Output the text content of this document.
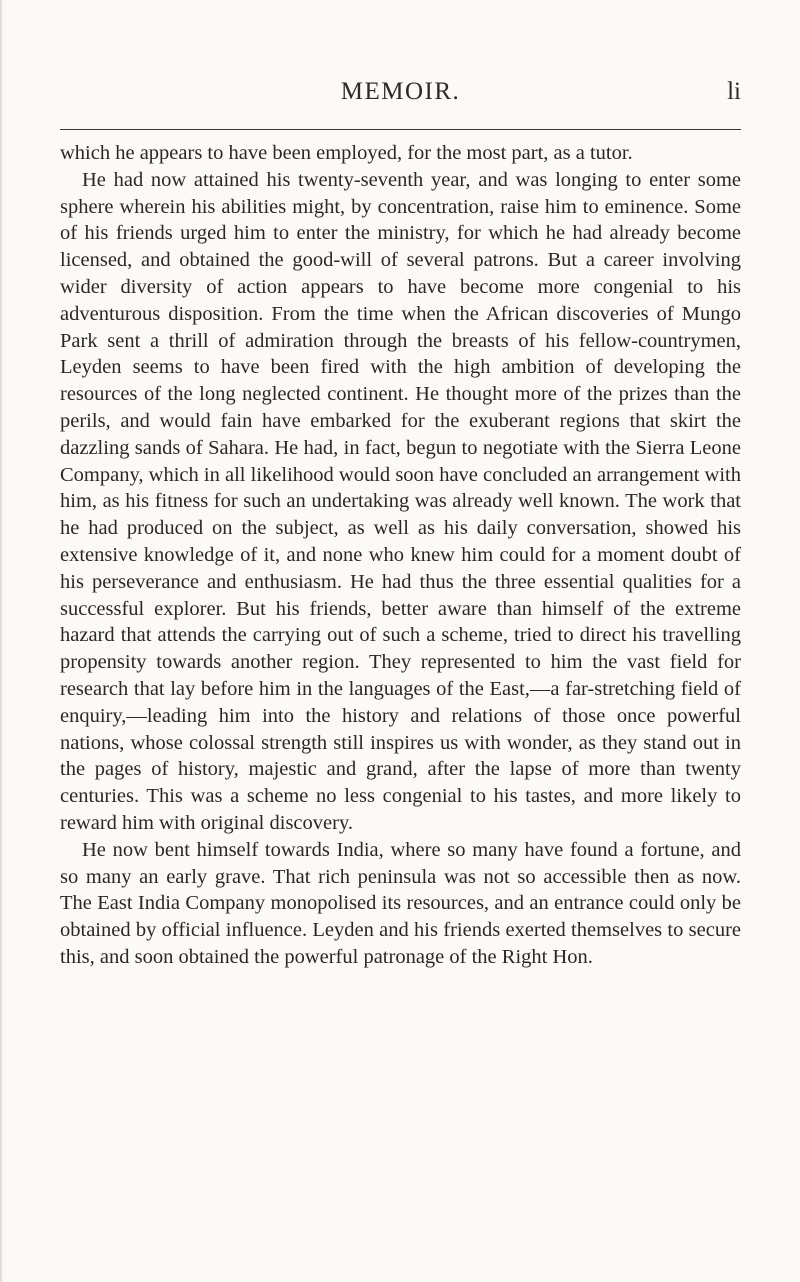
MEMOIR.	li

which he appears to have been employed, for the most part, as a tutor.

He had now attained his twenty-seventh year, and was longing to enter some sphere wherein his abilities might, by concentration, raise him to eminence. Some of his friends urged him to enter the ministry, for which he had already become licensed, and obtained the good-will of several patrons. But a career involving wider diversity of action appears to have become more congenial to his adventurous disposition. From the time when the African discoveries of Mungo Park sent a thrill of admiration through the breasts of his fellow-countrymen, Leyden seems to have been fired with the high ambition of developing the resources of the long neglected continent. He thought more of the prizes than the perils, and would fain have embarked for the exuberant regions that skirt the dazzling sands of Sahara. He had, in fact, begun to negotiate with the Sierra Leone Company, which in all likelihood would soon have concluded an arrangement with him, as his fitness for such an undertaking was already well known. The work that he had produced on the subject, as well as his daily conversation, showed his extensive knowledge of it, and none who knew him could for a moment doubt of his perseverance and enthusiasm. He had thus the three essential qualities for a successful explorer. But his friends, better aware than himself of the extreme hazard that attends the carrying out of such a scheme, tried to direct his travelling propensity towards another region. They represented to him the vast field for research that lay before him in the languages of the East,—a far-stretching field of enquiry,—leading him into the history and relations of those once powerful nations, whose colossal strength still inspires us with wonder, as they stand out in the pages of history, majestic and grand, after the lapse of more than twenty centuries. This was a scheme no less congenial to his tastes, and more likely to reward him with original discovery.

He now bent himself towards India, where so many have found a fortune, and so many an early grave. That rich peninsula was not so accessible then as now. The East India Company monopolised its resources, and an entrance could only be obtained by official influence. Leyden and his friends exerted themselves to secure this, and soon obtained the powerful patronage of the Right Hon.
